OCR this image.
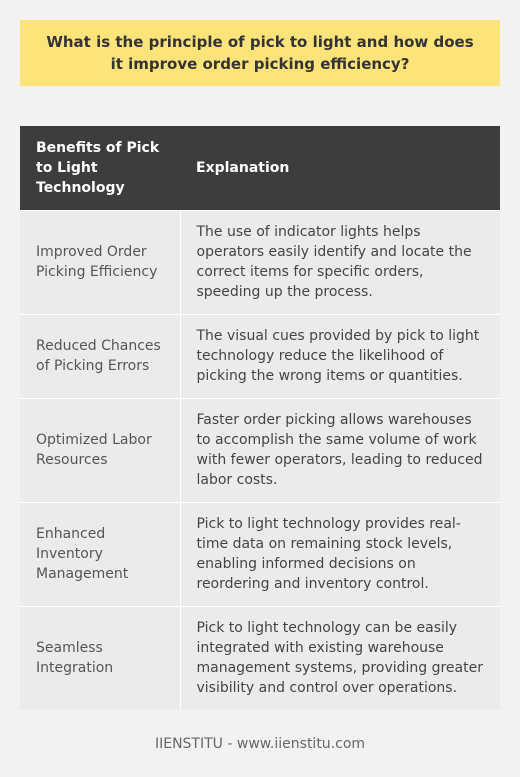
What is the principle of pick to light and how does it improve order picking efficiency?
Benefits of Pick to Light Technology	Explanation
Improved Order Picking Efficiency	The use of indicator lights helps operators easily identify and locate the correct items for specific orders, speeding up the process.
Reduced Chances of Picking Errors	The visual cues provided by pick to light technology reduce the likelihood of picking the wrong items or quantities.
Optimized Labor Resources	Faster order picking allows warehouses to accomplish the same volume of work with fewer operators, leading to reduced labor costs.
Enhanced Inventory Management	Pick to light technology provides real-time data on remaining stock levels, enabling informed decisions on reordering and inventory control.
Seamless Integration	Pick to light technology can be easily integrated with existing warehouse management systems, providing greater visibility and control over operations.
IIENSTITU - www.iienstitu.com
